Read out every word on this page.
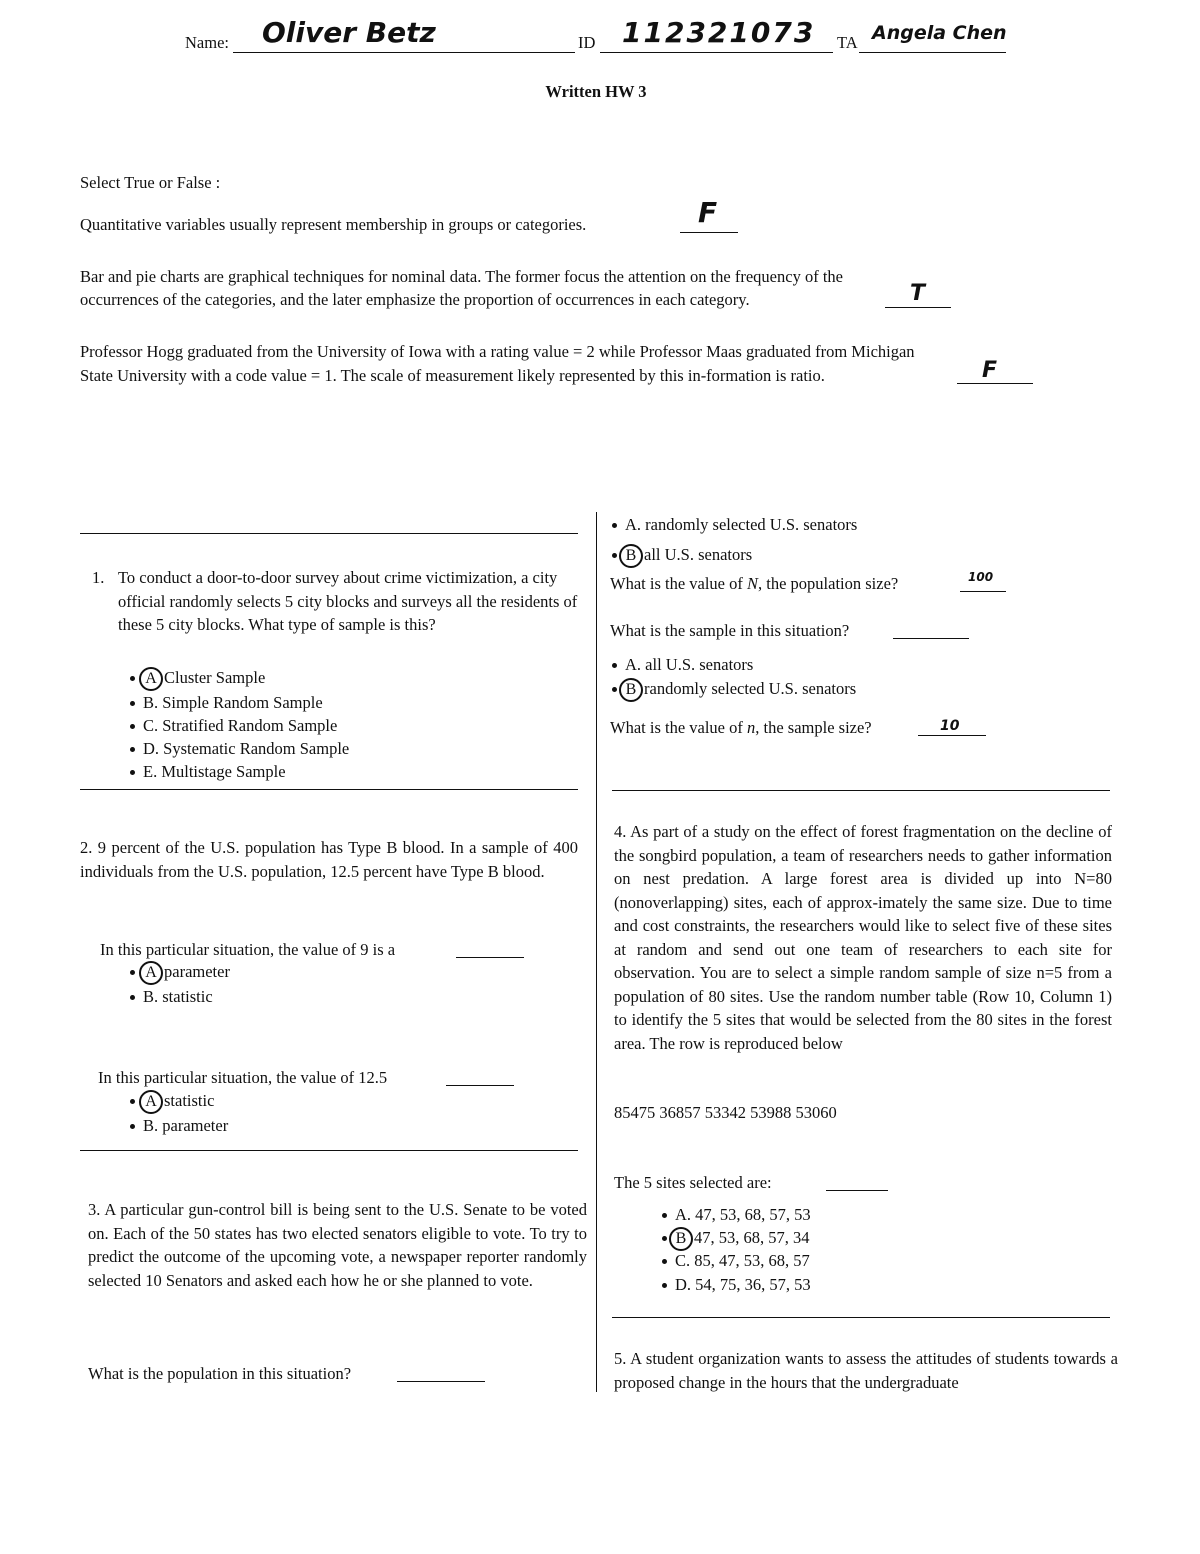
Name: Oliver Betz	ID 112321073 TA Angela Chen
Written HW 3
Select True or False :
Quantitative variables usually represent membership in groups or categories.	F
Bar and pie charts are graphical techniques for nominal data. The former focus the attention on the frequency of the
occurrences of the categories, and the later emphasize the proportion of occurrences in each category.	T
Professor Hogg graduated from the University of Iowa with a rating value = 2 while Professor Maas graduated from Michigan
State University with a code value = 1. The scale of measurement likely represented by this in-formation is ratio.	F
1. To conduct a door-to-door survey about crime victimization, a city official randomly selects 5 city blocks and surveys all the residents of these 5 city blocks. What type of sample is this?
A Cluster Sample
B. Simple Random Sample
C. Stratified Random Sample
D. Systematic Random Sample
E. Multistage Sample
2. 9 percent of the U.S. population has Type B blood. In a sample of 400 individuals from the U.S. population, 12.5 percent have Type B blood.
In this particular situation, the value of 9 is a
A parameter
B. statistic
In this particular situation, the value of 12.5
A statistic
B. parameter
3. A particular gun-control bill is being sent to the U.S. Senate to be voted on. Each of the 50 states has two elected senators eligible to vote. To try to predict the outcome of the upcoming vote, a newspaper reporter randomly selected 10 Senators and asked each how he or she planned to vote.
What is the population in this situation?
A. randomly selected U.S. senators
B all U.S. senators
What is the value of N, the population size?	100
What is the sample in this situation?
A. all U.S. senators
B randomly selected U.S. senators
What is the value of n, the sample size?	10
4. As part of a study on the effect of forest fragmentation on the decline of the songbird population, a team of researchers needs to gather information on nest predation. A large forest area is divided up into N=80 (nonoverlapping) sites, each of approx-imately the same size. Due to time and cost constraints, the researchers would like to select five of these sites at random and send out one team of researchers to each site for observation. You are to select a simple random sample of size n=5 from a population of 80 sites. Use the random number table (Row 10, Column 1) to identify the 5 sites that would be selected from the 80 sites in the forest area. The row is reproduced below
85475 36857 53342 53988 53060
The 5 sites selected are:
A. 47, 53, 68, 57, 53
B 47, 53, 68, 57, 34
C. 85, 47, 53, 68, 57
D. 54, 75, 36, 57, 53
5. A student organization wants to assess the attitudes of students towards a proposed change in the hours that the undergraduate
